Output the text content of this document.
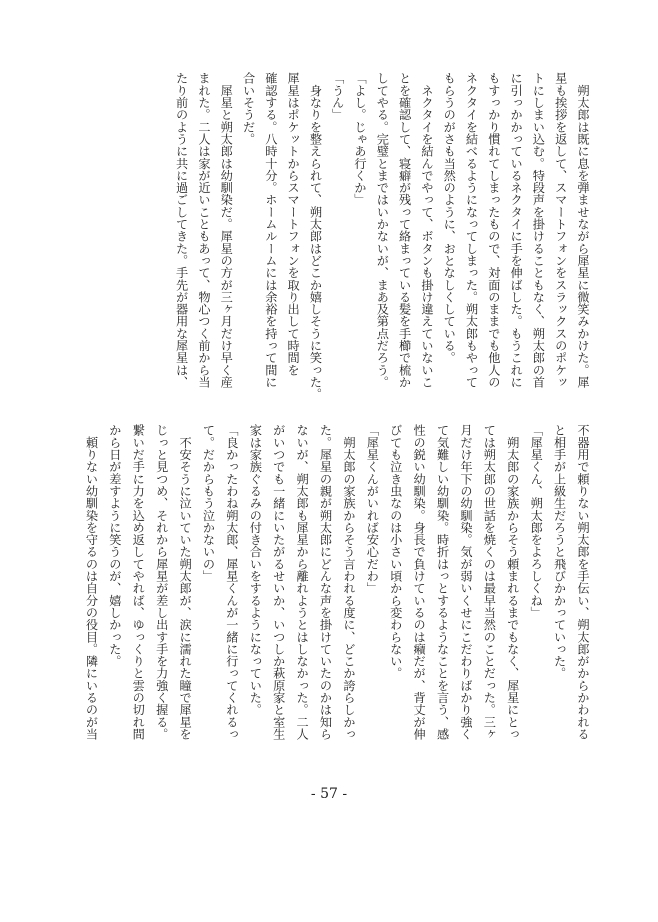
　朔太郎は既に息を弾ませながら犀星に微笑みかけた。犀
星も挨拶を返して、スマートフォンをスラックスのポケッ
トにしまい込む。特段声を掛けることもなく、朔太郎の首
に引っかかっているネクタイに手を伸ばした。もうこれに
もすっかり慣れてしまったもので、対面のままでも他人の
ネクタイを結べるようになってしまった。朔太郎もやって
もらうのがさも当然のように、おとなしくしている。
　ネクタイを結んでやって、ボタンも掛け違えていないこ
とを確認して、寝癖が残って絡まっている髪を手櫛で梳か
してやる。完璧とまではいかないが、まあ及第点だろう。
「よし。じゃあ行くか」
「うん」
　身なりを整えられて、朔太郎はどこか嬉しそうに笑った。
犀星はポケットからスマートフォンを取り出して時間を
確認する。八時十分。ホームルームには余裕を持って間に
合いそうだ。
　犀星と朔太郎は幼馴染だ。犀星の方が三ヶ月だけ早く産
まれた。二人は家が近いこともあって、物心つく前から当
たり前のように共に過ごしてきた。手先が器用な犀星は、
不器用で頼りない朔太郎を手伝い、朔太郎がからかわれる
と相手が上級生だろうと飛びかかっていった。
「犀星くん、朔太郎をよろしくね」
　朔太郎の家族からそう頼まれるまでもなく、犀星にとっ
ては朔太郎の世話を焼くのは最早当然のことだった。三ヶ
月だけ年下の幼馴染。気が弱いくせにこだわりばかり強く
て気難しい幼馴染。時折はっとするようなことを言う、感
性の鋭い幼馴染。身長で負けているのは癪だが、背丈が伸
びても泣き虫なのは小さい頃から変わらない。
「犀星くんがいれば安心だわ」
　朔太郎の家族からそう言われる度に、どこか誇らしかっ
た。犀星の親が朔太郎にどんな声を掛けていたのかは知ら
ないが、朔太郎も犀星から離れようとはしなかった。二人
がいつでも一緒にいたがるせいか、いつしか萩原家と室生
家は家族ぐるみの付き合いをするようになっていた。
「良かったわね朔太郎、犀星くんが一緒に行ってくれるっ
て。だからもう泣かないの」
　不安そうに泣いていた朔太郎が、涙に濡れた瞳で犀星を
じっと見つめ、それから犀星が差し出す手を力強く握る。
繋いだ手に力を込め返してやれば、ゆっくりと雲の切れ間
から日が差すように笑うのが、嬉しかった。
　頼りない幼馴染を守るのは自分の役目。隣にいるのが当
- 57 -
